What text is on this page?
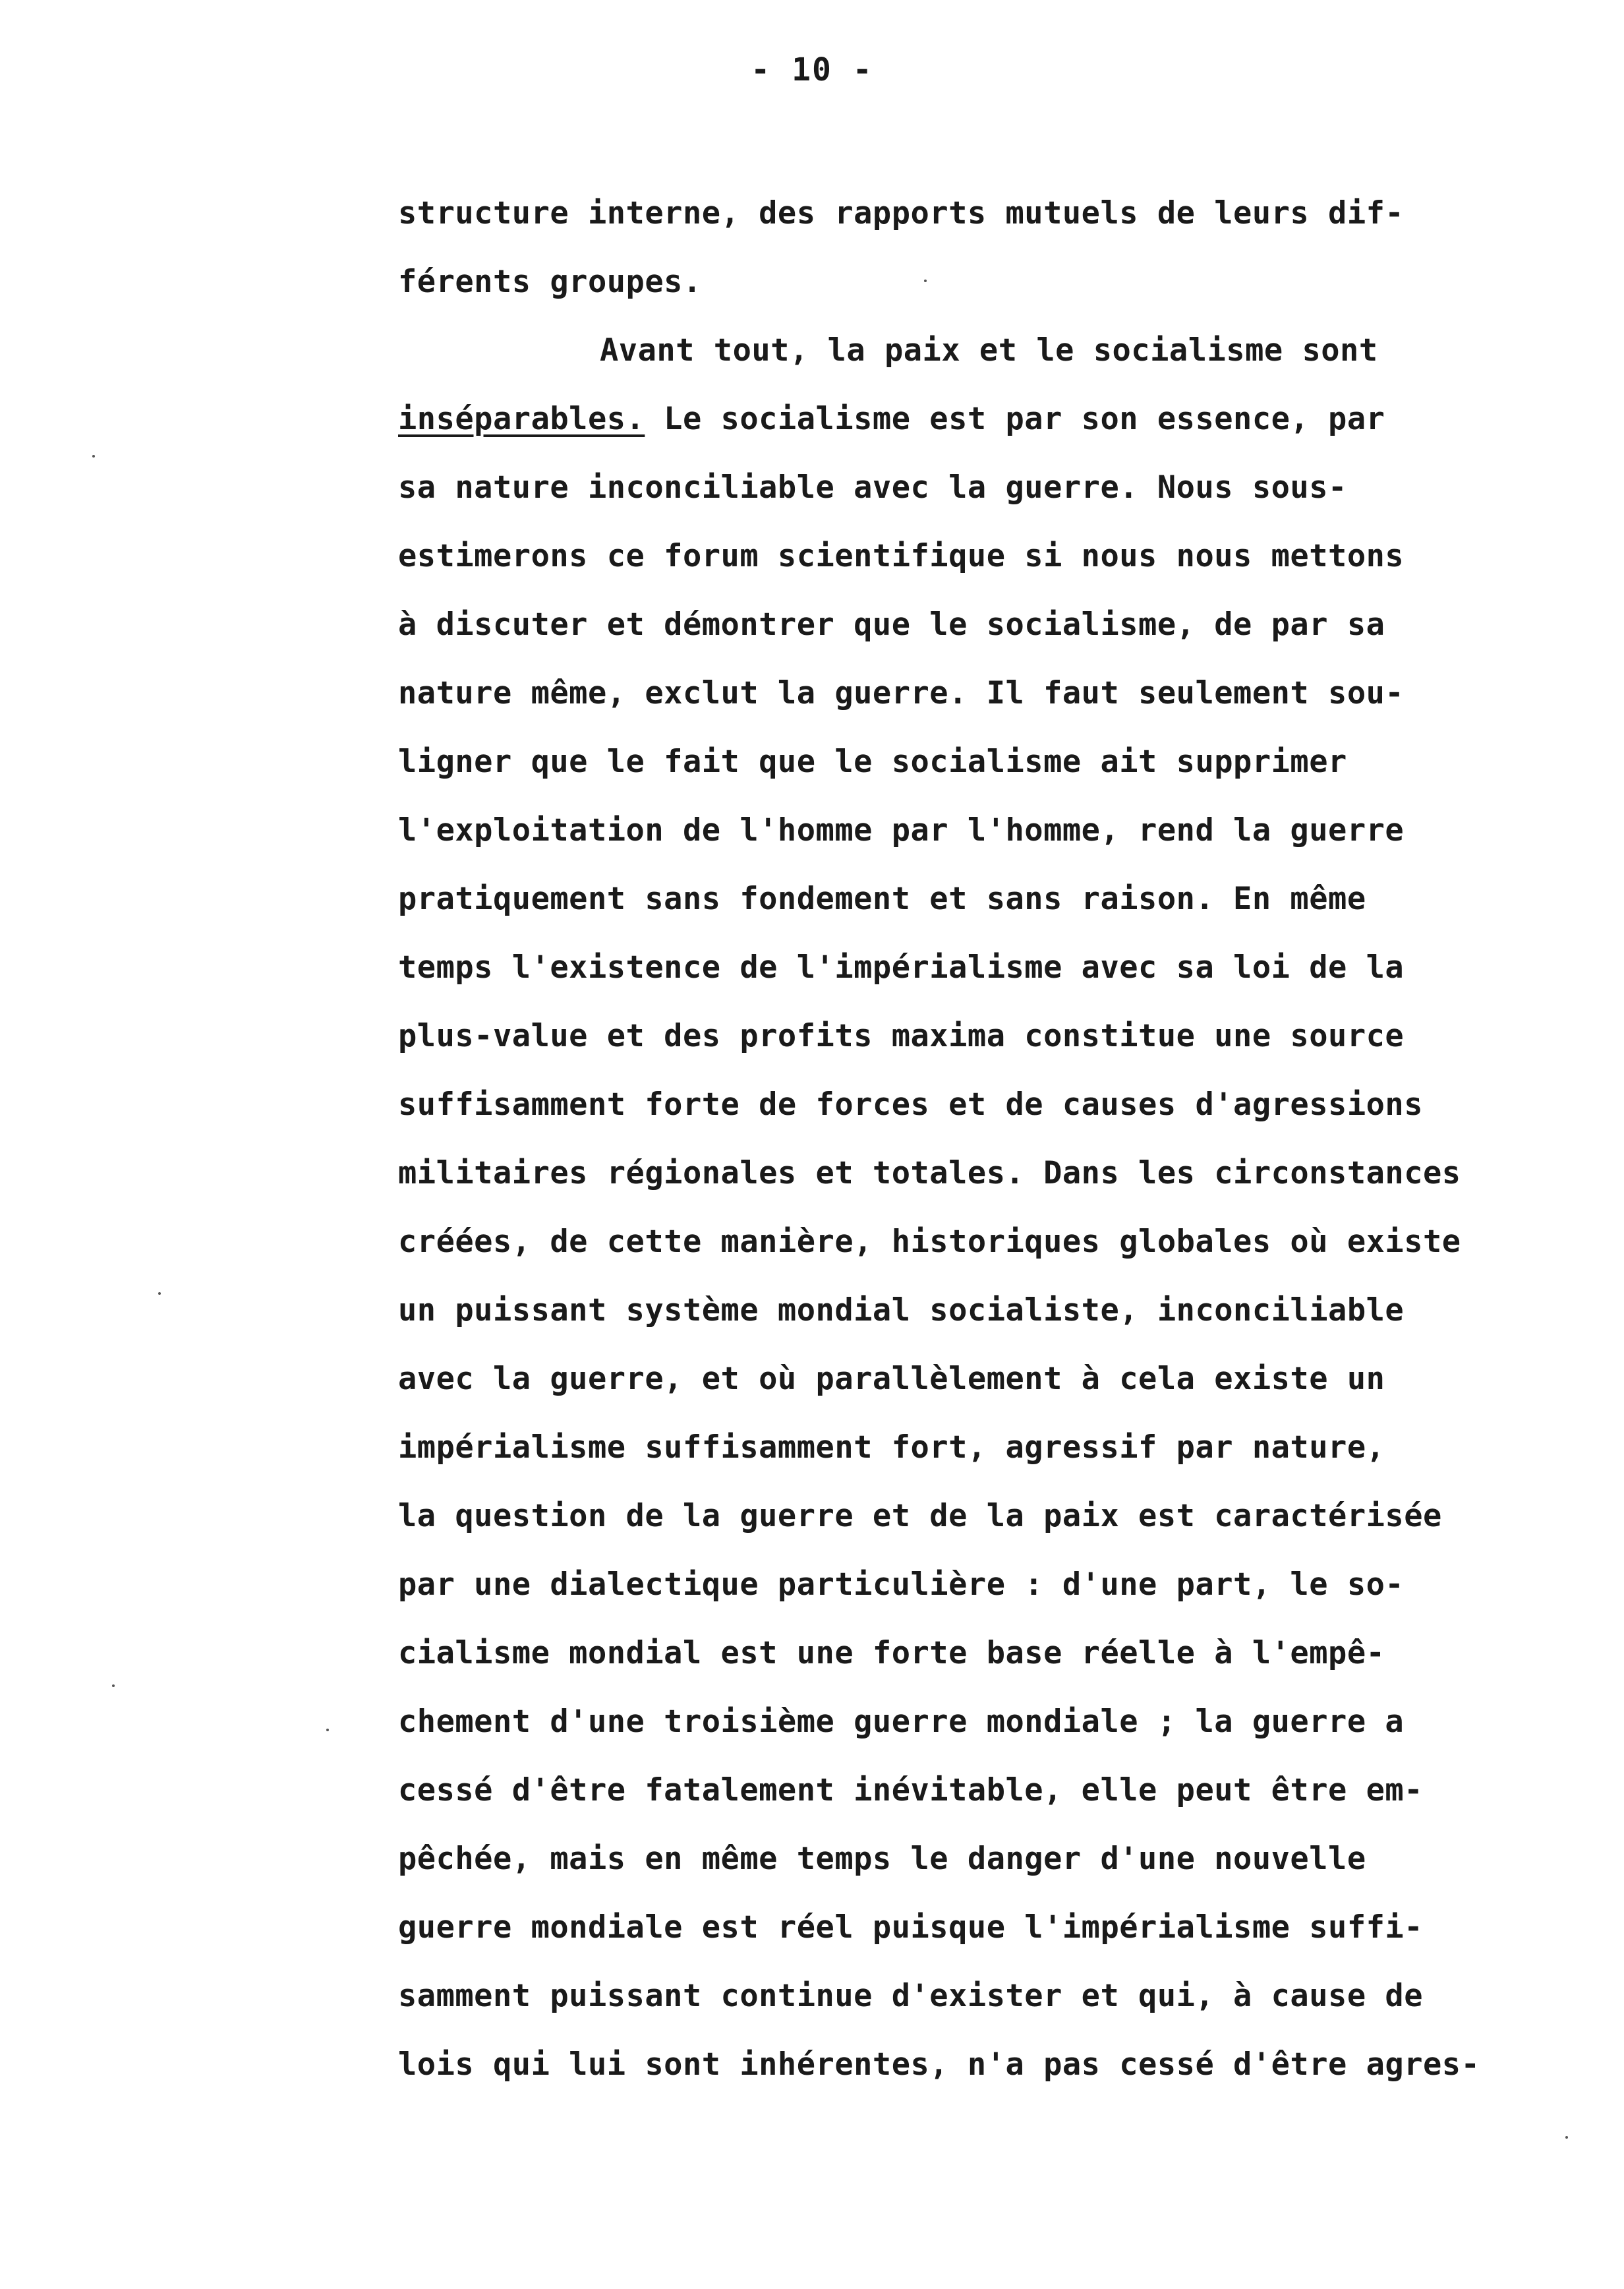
- 10 -
structure interne, des rapports mutuels de leurs dif-
férents groupes.
Avant tout, la paix et le socialisme sont
inséparables. Le socialisme est par son essence, par
sa nature inconciliable avec la guerre. Nous sous-
estimerons ce forum scientifique si nous nous mettons
à discuter et démontrer que le socialisme, de par sa
nature même, exclut la guerre. Il faut seulement sou-
ligner que le fait que le socialisme ait supprimer
l'exploitation de l'homme par l'homme, rend la guerre
pratiquement sans fondement et sans raison. En même
temps l'existence de l'impérialisme avec sa loi de la
plus-value et des profits maxima constitue une source
suffisamment forte de forces et de causes d'agressions
militaires régionales et totales. Dans les circonstances
créées, de cette manière, historiques globales où existe
un puissant système mondial socialiste, inconciliable
avec la guerre, et où parallèlement à cela existe un
impérialisme suffisamment fort, agressif par nature,
la question de la guerre et de la paix est caractérisée
par une dialectique particulière : d'une part, le so-
cialisme mondial est une forte base réelle à l'empê-
chement d'une troisième guerre mondiale ; la guerre a
cessé d'être fatalement inévitable, elle peut être em-
pêchée, mais en même temps le danger d'une nouvelle
guerre mondiale est réel puisque l'impérialisme suffi-
samment puissant continue d'exister et qui, à cause de
lois qui lui sont inhérentes, n'a pas cessé d'être agres-
